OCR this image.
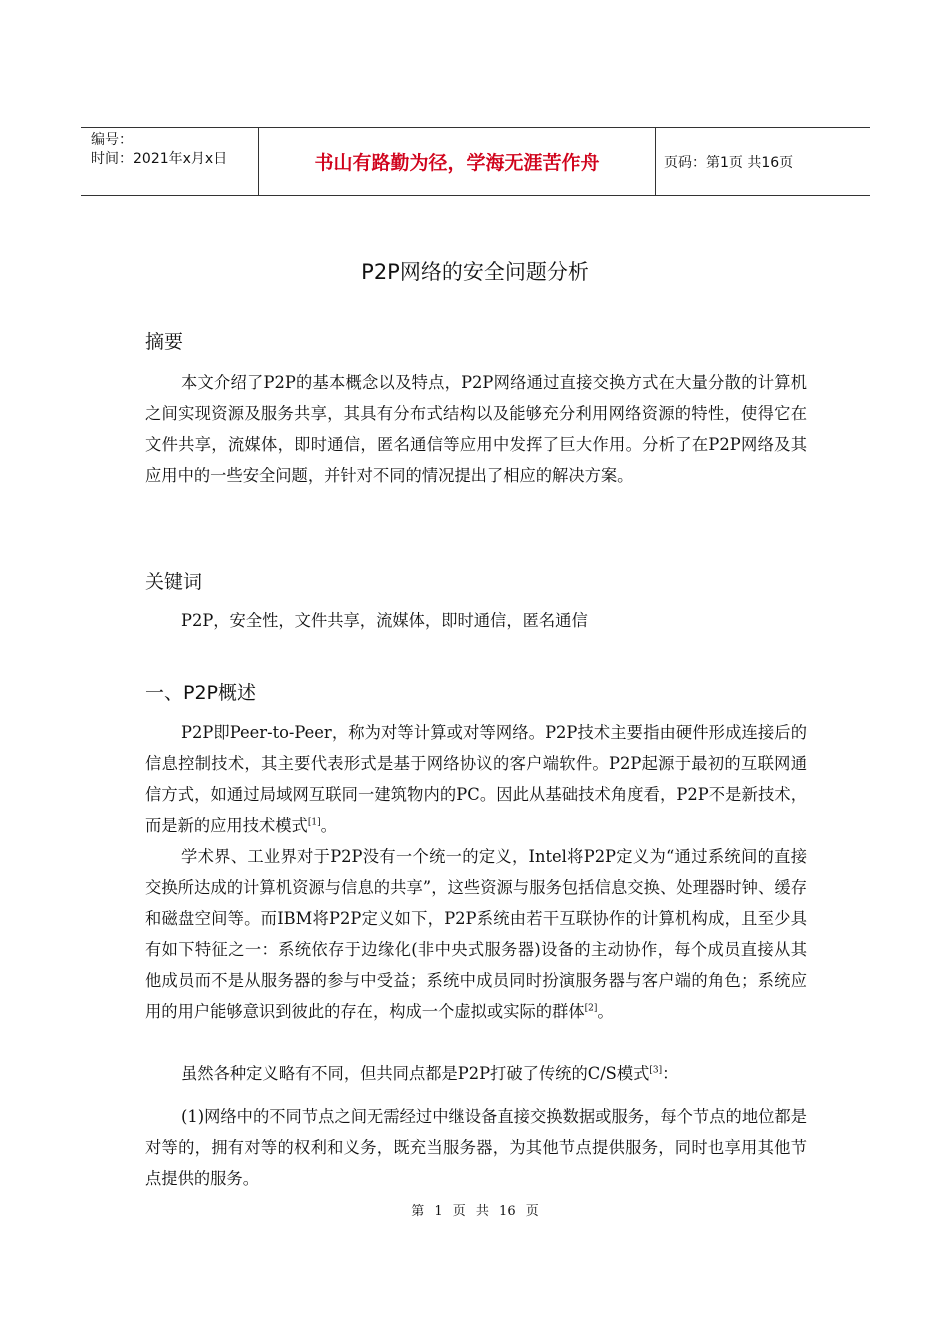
编号：
时间：2021年x月x日	书山有路勤为径，学海无涯苦作舟	页码：第1页 共16页
P2P网络的安全问题分析
摘要
本文介绍了P2P的基本概念以及特点，P2P网络通过直接交换方式在大量分散的计算机之间实现资源及服务共享，其具有分布式结构以及能够充分利用网络资源的特性，使得它在文件共享，流媒体，即时通信，匿名通信等应用中发挥了巨大作用。分析了在P2P网络及其应用中的一些安全问题，并针对不同的情况提出了相应的解决方案。
关键词
P2P，安全性，文件共享，流媒体，即时通信，匿名通信
一、P2P概述
P2P即Peer-to-Peer，称为对等计算或对等网络。P2P技术主要指由硬件形成连接后的信息控制技术，其主要代表形式是基于网络协议的客户端软件。P2P起源于最初的互联网通信方式，如通过局域网互联同一建筑物内的PC。因此从基础技术角度看，P2P不是新技术，而是新的应用技术模式[1]。
学术界、工业界对于P2P没有一个统一的定义，Intel将P2P定义为“通过系统间的直接交换所达成的计算机资源与信息的共享”，这些资源与服务包括信息交换、处理器时钟、缓存和磁盘空间等。而IBM将P2P定义如下，P2P系统由若干互联协作的计算机构成，且至少具有如下特征之一：系统依存于边缘化(非中央式服务器)设备的主动协作，每个成员直接从其他成员而不是从服务器的参与中受益；系统中成员同时扮演服务器与客户端的角色；系统应用的用户能够意识到彼此的存在，构成一个虚拟或实际的群体[2]。
虽然各种定义略有不同，但共同点都是P2P打破了传统的C/S模式[3]：
(1)网络中的不同节点之间无需经过中继设备直接交换数据或服务，每个节点的地位都是对等的，拥有对等的权利和义务，既充当服务器，为其他节点提供服务，同时也享用其他节点提供的服务。
第 1 页 共 16 页
